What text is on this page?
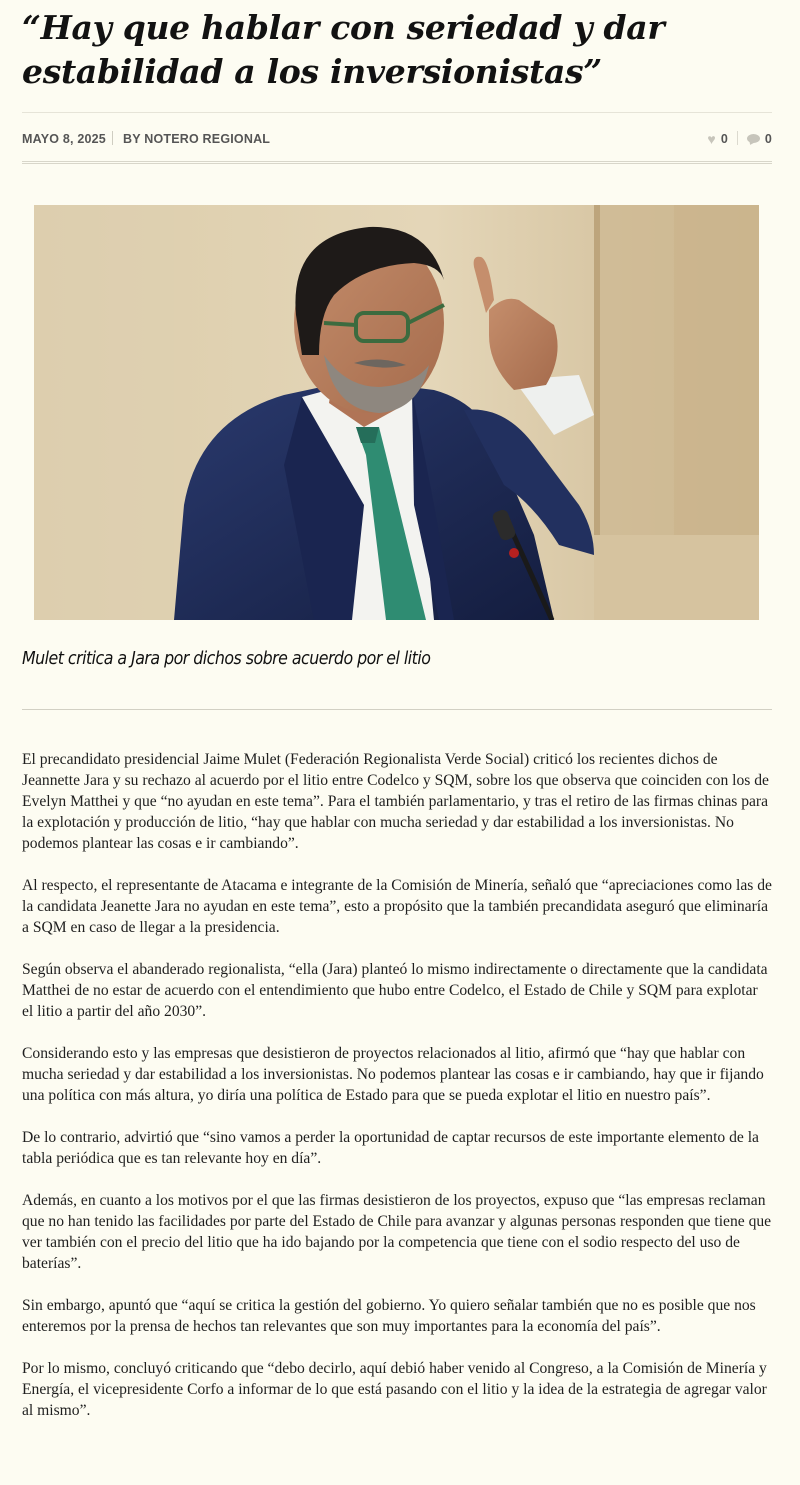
“Hay que hablar con seriedad y dar estabilidad a los inversionistas”
MAYO 8, 2025 BY NOTERO REGIONAL	♥ 0	0
Mulet critica a Jara por dichos sobre acuerdo por el litio

El precandidato presidencial Jaime Mulet (Federación Regionalista Verde Social) criticó los recientes dichos de Jeannette Jara y su rechazo al acuerdo por el litio entre Codelco y SQM, sobre los que observa que coinciden con los de Evelyn Matthei y que “no ayudan en este tema”. Para el también parlamentario, y tras el retiro de las firmas chinas para la explotación y producción de litio, “hay que hablar con mucha seriedad y dar estabilidad a los inversionistas. No podemos plantear las cosas e ir cambiando”.

Al respecto, el representante de Atacama e integrante de la Comisión de Minería, señaló que “apreciaciones como las de la candidata Jeanette Jara no ayudan en este tema”, esto a propósito que la también precandidata aseguró que eliminaría a SQM en caso de llegar a la presidencia.

Según observa el abanderado regionalista, “ella (Jara) planteó lo mismo indirectamente o directamente que la candidata Matthei de no estar de acuerdo con el entendimiento que hubo entre Codelco, el Estado de Chile y SQM para explotar el litio a partir del año 2030”.

Considerando esto y las empresas que desistieron de proyectos relacionados al litio, afirmó que “hay que hablar con mucha seriedad y dar estabilidad a los inversionistas. No podemos plantear las cosas e ir cambiando, hay que ir fijando una política con más altura, yo diría una política de Estado para que se pueda explotar el litio en nuestro país”.

De lo contrario, advirtió que “sino vamos a perder la oportunidad de captar recursos de este importante elemento de la tabla periódica que es tan relevante hoy en día”.

Además, en cuanto a los motivos por el que las firmas desistieron de los proyectos, expuso que “las empresas reclaman que no han tenido las facilidades por parte del Estado de Chile para avanzar y algunas personas responden que tiene que ver también con el precio del litio que ha ido bajando por la competencia que tiene con el sodio respecto del uso de baterías”.

Sin embargo, apuntó que “aquí se critica la gestión del gobierno. Yo quiero señalar también que no es posible que nos enteremos por la prensa de hechos tan relevantes que son muy importantes para la economía del país”.

Por lo mismo, concluyó criticando que “debo decirlo, aquí debió haber venido al Congreso, a la Comisión de Minería y Energía, el vicepresidente Corfo a informar de lo que está pasando con el litio y la idea de la estrategia de agregar valor al mismo”.
